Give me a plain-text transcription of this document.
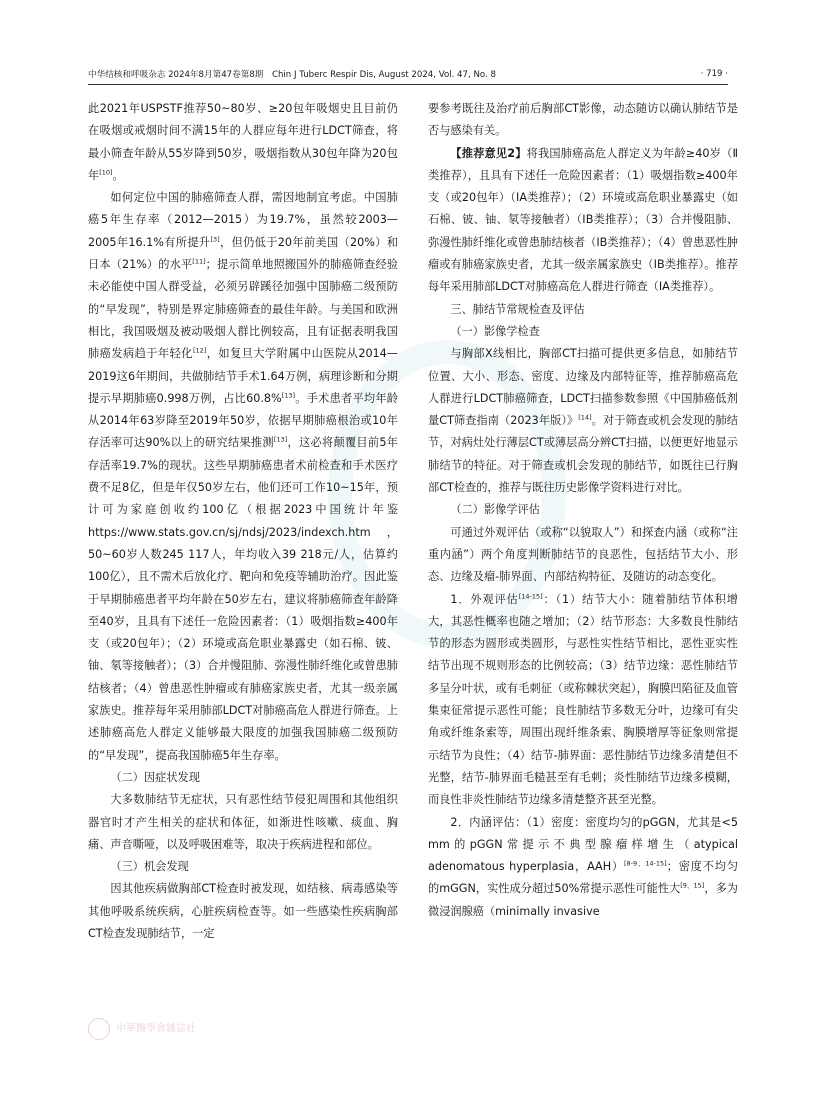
中华结核和呼吸杂志 2024年8月第47卷第8期　Chin J Tuberc Respir Dis, August 2024, Vol. 47, No. 8	· 719 ·

此2021年USPSTF推荐50~80岁、≥20包年吸烟史且目前仍在吸烟或戒烟时间不满15年的人群应每年进行LDCT筛查，将最小筛查年龄从55岁降到50岁，吸烟指数从30包年降为20包年[10]。

如何定位中国的肺癌筛查人群，需因地制宜考虑。中国肺癌5年生存率（2012—2015）为19.7%，虽然较2003—2005年16.1%有所提升[3]，但仍低于20年前美国（20%）和日本（21%）的水平[11]；提示简单地照搬国外的肺癌筛查经验未必能使中国人群受益，必须另辟蹊径加强中国肺癌二级预防的“早发现”，特别是界定肺癌筛查的最佳年龄。与美国和欧洲相比，我国吸烟及被动吸烟人群比例较高，且有证据表明我国肺癌发病趋于年轻化[12]，如复旦大学附属中山医院从2014—2019这6年期间，共做肺结节手术1.64万例，病理诊断和分期提示早期肺癌0.998万例，占比60.8%[13]。手术患者平均年龄从2014年63岁降至2019年50岁，依据早期肺癌根治或10年存活率可达90%以上的研究结果推测[13]，这必将颠覆目前5年存活率19.7%的现状。这些早期肺癌患者术前检查和手术医疗费不足8亿，但是年仅50岁左右，他们还可工作10~15年，预计可为家庭创收约100亿（根据2023中国统计年鉴https://www.stats.gov.cn/sj/ndsj/2023/indexch.htm，50~60岁人数245 117人，年均收入39 218元/人，估算约100亿），且不需术后放化疗、靶向和免疫等辅助治疗。因此鉴于早期肺癌患者平均年龄在50岁左右，建议将肺癌筛查年龄降至40岁，且具有下述任一危险因素者：（1）吸烟指数≥400年支（或20包年）；（2）环境或高危职业暴露史（如石棉、铍、铀、氡等接触者）；（3）合并慢阻肺、弥漫性肺纤维化或曾患肺结核者；（4）曾患恶性肿瘤或有肺癌家族史者，尤其一级亲属家族史。推荐每年采用肺部LDCT对肺癌高危人群进行筛查。上述肺癌高危人群定义能够最大限度的加强我国肺癌二级预防的“早发现”，提高我国肺癌5年生存率。

（二）因症状发现

大多数肺结节无症状，只有恶性结节侵犯周围和其他组织器官时才产生相关的症状和体征，如渐进性咳嗽、痰血、胸痛、声音嘶哑，以及呼吸困难等，取决于疾病进程和部位。

（三）机会发现

因其他疾病做胸部CT检查时被发现，如结核、病毒感染等其他呼吸系统疾病，心脏疾病检查等。如一些感染性疾病胸部CT检查发现肺结节，一定

要参考既往及治疗前后胸部CT影像，动态随访以确认肺结节是否与感染有关。

【推荐意见2】将我国肺癌高危人群定义为年龄≥40岁（Ⅱ类推荐），且具有下述任一危险因素者：（1）吸烟指数≥400年支（或20包年）（ⅠA类推荐）；（2）环境或高危职业暴露史（如石棉、铍、铀、氡等接触者）（ⅠB类推荐）；（3）合并慢阻肺、弥漫性肺纤维化或曾患肺结核者（ⅠB类推荐）；（4）曾患恶性肿瘤或有肺癌家族史者，尤其一级亲属家族史（ⅠB类推荐）。推荐每年采用肺部LDCT对肺癌高危人群进行筛查（ⅠA类推荐）。

三、肺结节常规检查及评估

（一）影像学检查

与胸部X线相比，胸部CT扫描可提供更多信息，如肺结节位置、大小、形态、密度、边缘及内部特征等，推荐肺癌高危人群进行LDCT肺癌筛查，LDCT扫描参数参照《中国肺癌低剂量CT筛查指南（2023年版）》[14]。对于筛查或机会发现的肺结节，对病灶处行薄层CT或薄层高分辨CT扫描，以便更好地显示肺结节的特征。对于筛查或机会发现的肺结节，如既往已行胸部CT检查的，推荐与既往历史影像学资料进行对比。

（二）影像学评估

可通过外观评估（或称“以貌取人”）和探查内涵（或称“注重内涵”）两个角度判断肺结节的良恶性，包括结节大小、形态、边缘及瘤-肺界面、内部结构特征、及随访的动态变化。

1．外观评估[14-15]：（1）结节大小：随着肺结节体积增大，其恶性概率也随之增加；（2）结节形态：大多数良性肺结节的形态为圆形或类圆形，与恶性实性结节相比，恶性亚实性结节出现不规则形态的比例较高；（3）结节边缘：恶性肺结节多呈分叶状，或有毛刺征（或称棘状突起），胸膜凹陷征及血管集束征常提示恶性可能；良性肺结节多数无分叶，边缘可有尖角或纤维条索等，周围出现纤维条索、胸膜增厚等征象则常提示结节为良性；（4）结节-肺界面：恶性肺结节边缘多清楚但不光整，结节-肺界面毛糙甚至有毛刺；炎性肺结节边缘多模糊，而良性非炎性肺结节边缘多清楚整齐甚至光整。

2．内涵评估：（1）密度：密度均匀的pGGN，尤其是<5 mm的pGGN常提示不典型腺瘤样增生（atypical adenomatous hyperplasia，AAH）[8-9，14-15]；密度不均匀的mGGN，实性成分超过50%常提示恶性可能性大[9，15]，多为微浸润腺癌（minimally invasive

中華醫學會雜誌社
